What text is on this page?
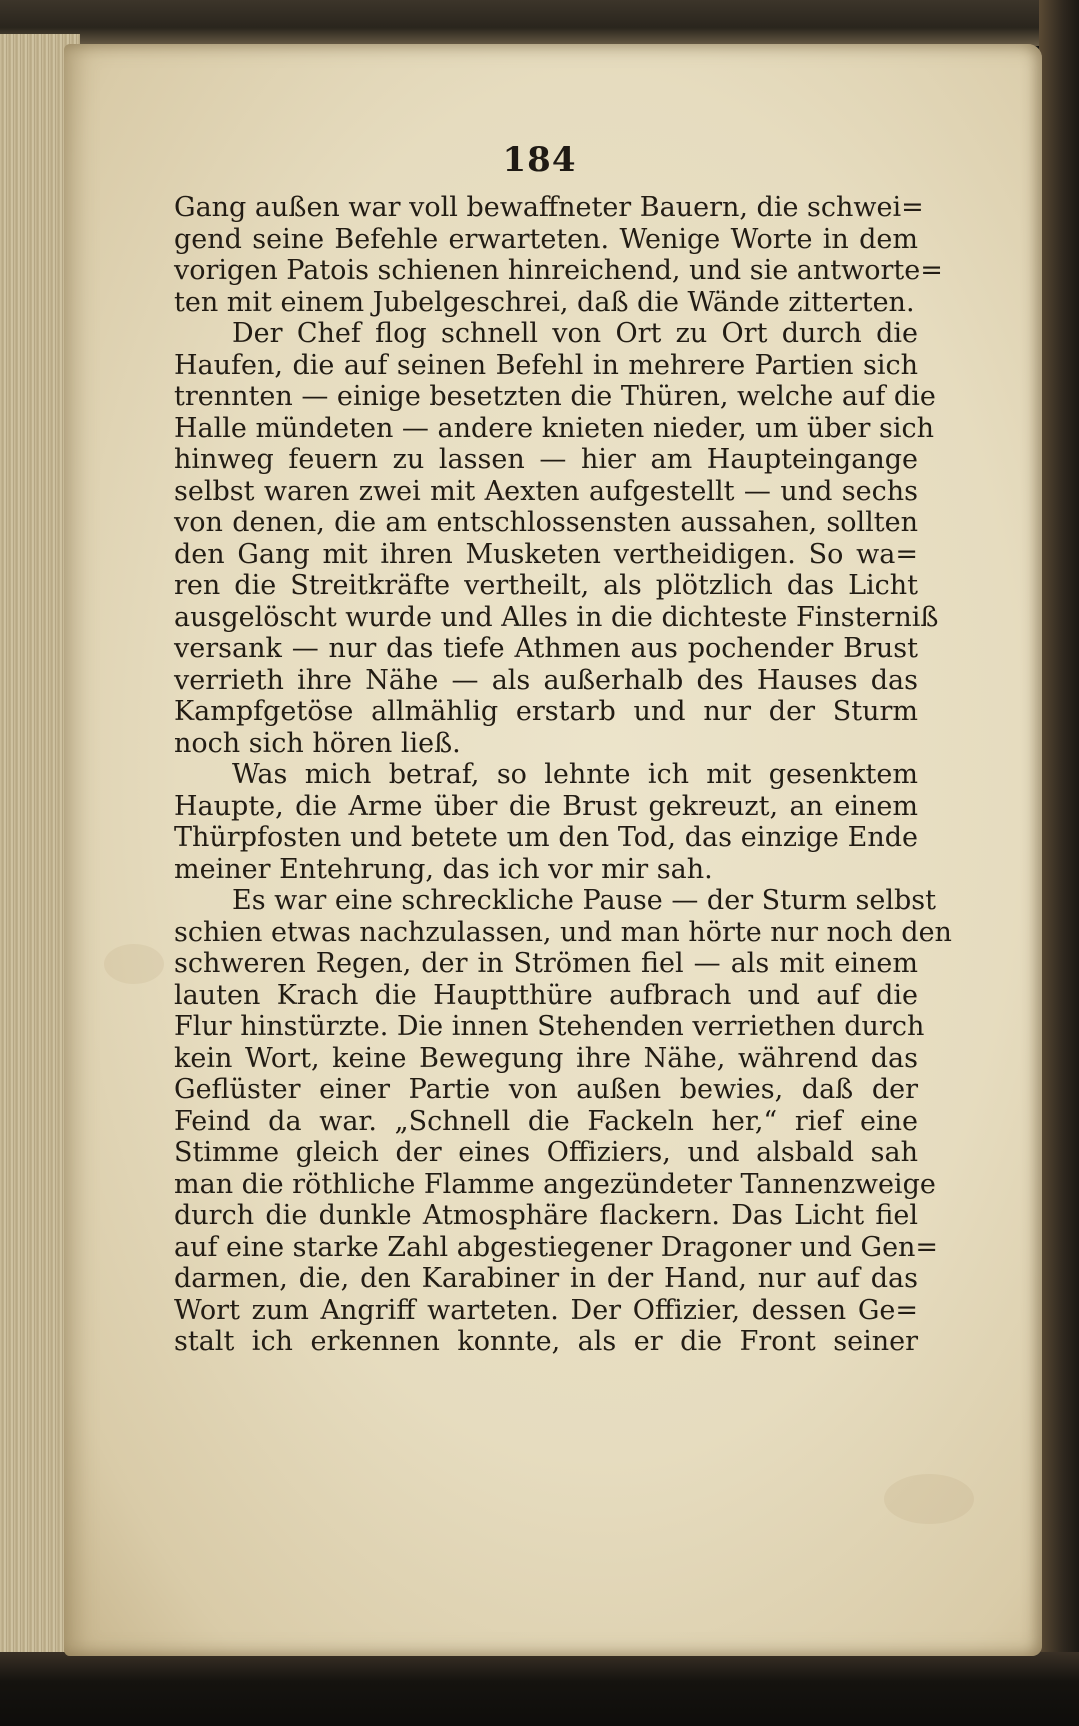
184
Gang außen war voll bewaffneter Bauern, die schwei=
gend seine Befehle erwarteten. Wenige Worte in dem
vorigen Patois schienen hinreichend, und sie antworte=
ten mit einem Jubelgeschrei, daß die Wände zitterten.
Der Chef flog schnell von Ort zu Ort durch die
Haufen, die auf seinen Befehl in mehrere Partien sich
trennten — einige besetzten die Thüren, welche auf die
Halle mündeten — andere knieten nieder, um über sich
hinweg feuern zu lassen — hier am Haupteingange
selbst waren zwei mit Aexten aufgestellt — und sechs
von denen, die am entschlossensten aussahen, sollten
den Gang mit ihren Musketen vertheidigen. So wa=
ren die Streitkräfte vertheilt, als plötzlich das Licht
ausgelöscht wurde und Alles in die dichteste Finsterniß
versank — nur das tiefe Athmen aus pochender Brust
verrieth ihre Nähe — als außerhalb des Hauses das
Kampfgetöse allmählig erstarb und nur der Sturm
noch sich hören ließ.
Was mich betraf, so lehnte ich mit gesenktem
Haupte, die Arme über die Brust gekreuzt, an einem
Thürpfosten und betete um den Tod, das einzige Ende
meiner Entehrung, das ich vor mir sah.
Es war eine schreckliche Pause — der Sturm selbst
schien etwas nachzulassen, und man hörte nur noch den
schweren Regen, der in Strömen fiel — als mit einem
lauten Krach die Hauptthüre aufbrach und auf die
Flur hinstürzte. Die innen Stehenden verriethen durch
kein Wort, keine Bewegung ihre Nähe, während das
Geflüster einer Partie von außen bewies, daß der
Feind da war. „Schnell die Fackeln her,“ rief eine
Stimme gleich der eines Offiziers, und alsbald sah
man die röthliche Flamme angezündeter Tannenzweige
durch die dunkle Atmosphäre flackern. Das Licht fiel
auf eine starke Zahl abgestiegener Dragoner und Gen=
darmen, die, den Karabiner in der Hand, nur auf das
Wort zum Angriff warteten. Der Offizier, dessen Ge=
stalt ich erkennen konnte, als er die Front seiner
